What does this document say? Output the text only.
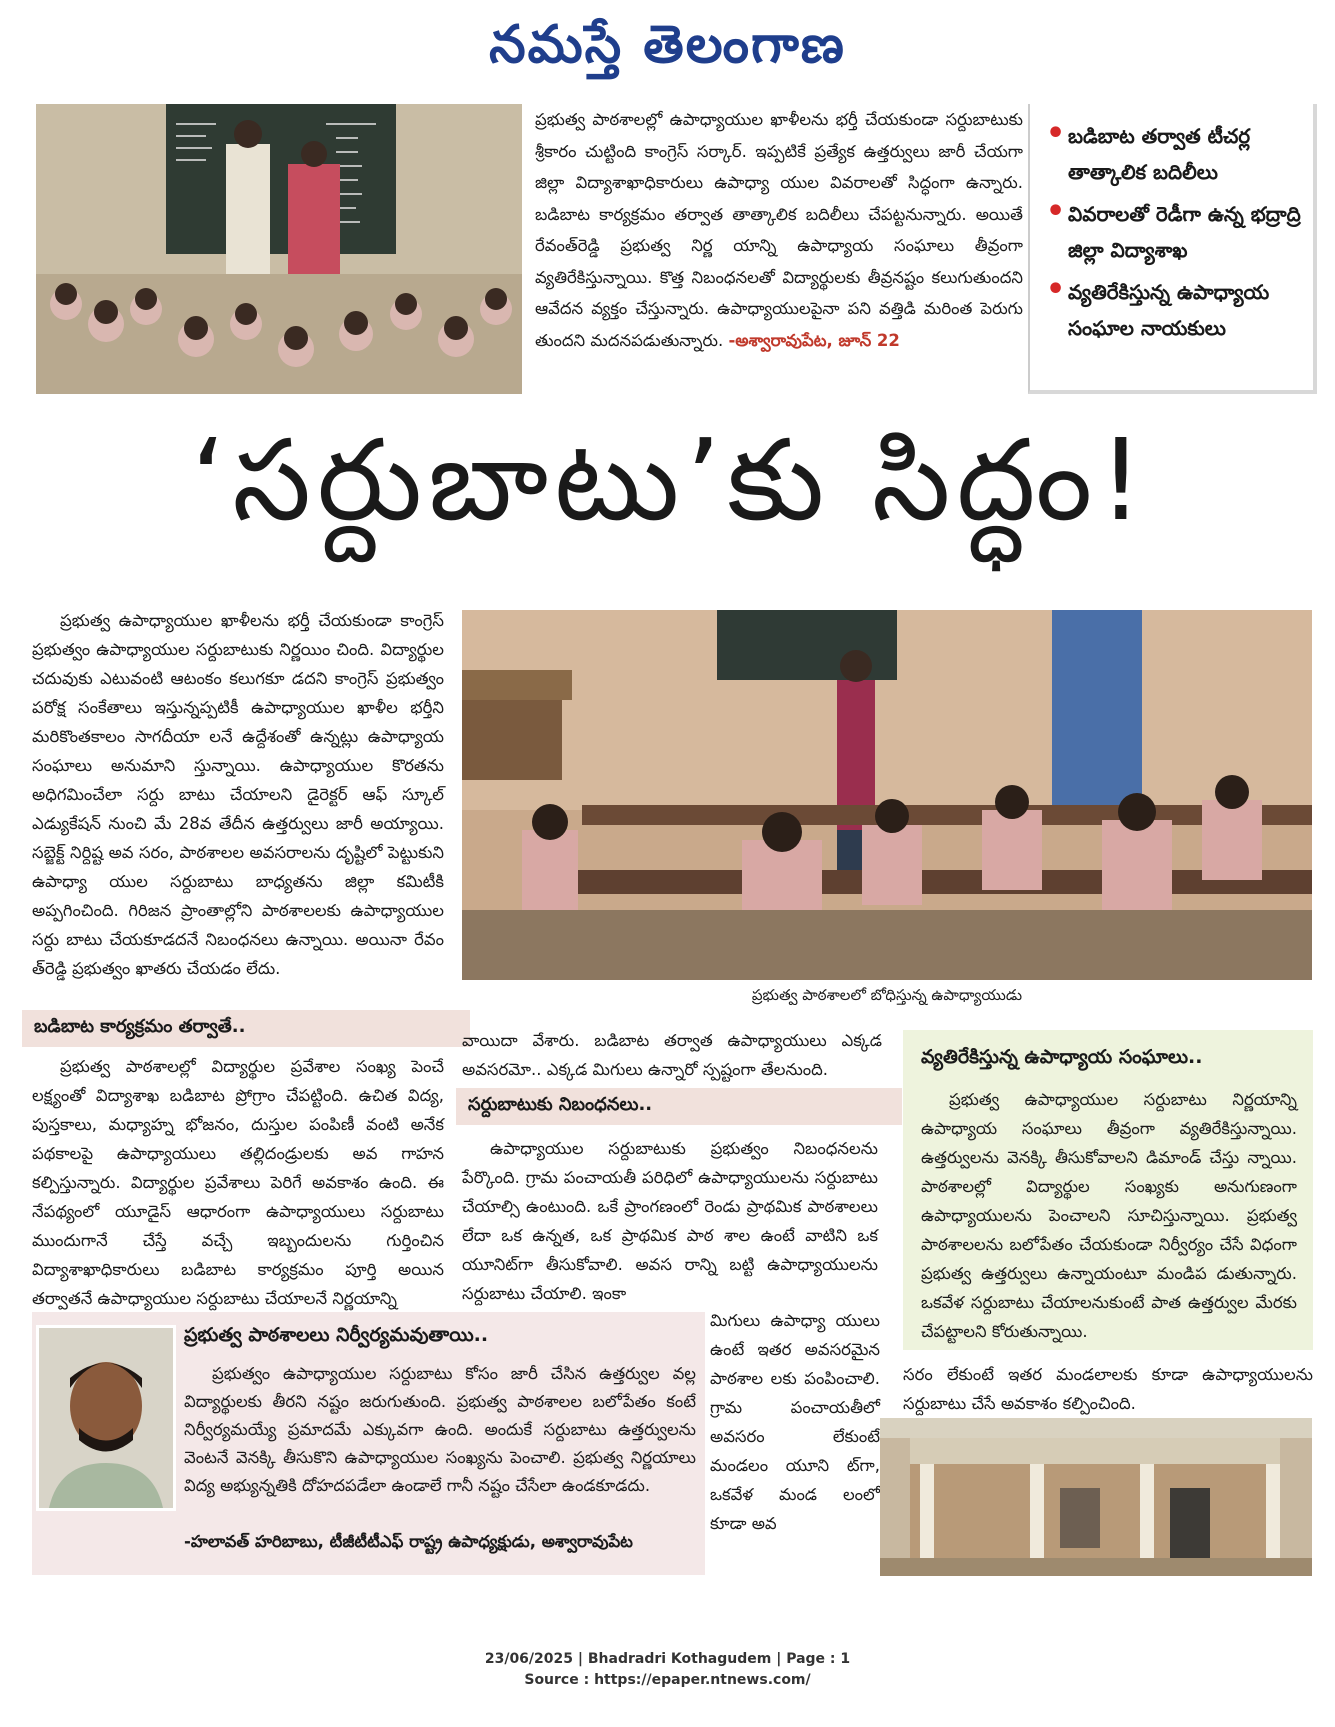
నమస్తే తెలంగాణ
ప్రభుత్వ పాఠశాలల్లో ఉపాధ్యాయుల ఖాళీలను భర్తీ చేయకుండా సర్దుబాటుకు శ్రీకారం చుట్టింది కాంగ్రెస్ సర్కార్. ఇప్పటికే ప్రత్యేక ఉత్తర్వులు జారీ చేయగా జిల్లా విద్యాశాఖాధికారులు ఉపాధ్యా యుల వివరాలతో సిద్ధంగా ఉన్నారు. బడిబాట కార్యక్రమం తర్వాత తాత్కాలిక బదిలీలు చేపట్టనున్నారు. అయితే రేవంత్‌రెడ్డి ప్రభుత్వ నిర్ణ యాన్ని ఉపాధ్యాయ సంఘాలు తీవ్రంగా వ్యతిరేకిస్తున్నాయి. కొత్త నిబంధనలతో విద్యార్థులకు తీవ్రనష్టం కలుగుతుందని ఆవేదన వ్యక్తం చేస్తున్నారు. ఉపాధ్యాయులపైనా పని వత్తిడి మరింత పెరుగు తుందని మదనపడుతున్నారు. -అశ్వారావుపేట, జూన్ 22
• బడిబాట తర్వాత టీచర్ల తాత్కాలిక బదిలీలు
• వివరాలతో రెడీగా ఉన్న భద్రాద్రి జిల్లా విద్యాశాఖ
• వ్యతిరేకిస్తున్న ఉపాధ్యాయ సంఘాల నాయకులు
‘సర్దుబాటు’కు సిద్ధం!

ప్రభుత్వ ఉపాధ్యాయుల ఖాళీలను భర్తీ చేయకుండా కాంగ్రెస్ ప్రభుత్వం ఉపాధ్యాయుల సర్దుబాటుకు నిర్ణయిం చింది. విద్యార్థుల చదువుకు ఎటువంటి ఆటంకం కలుగకూ డదని కాంగ్రెస్ ప్రభుత్వం పరోక్ష సంకేతాలు ఇస్తున్నప్పటికీ ఉపాధ్యాయుల ఖాళీల భర్తీని మరికొంతకాలం సాగదీయా లనే ఉద్దేశంతో ఉన్నట్లు ఉపాధ్యాయ సంఘాలు అనుమాని స్తున్నాయి. ఉపాధ్యాయుల కొరతను అధిగమించేలా సర్దు బాటు చేయాలని డైరెక్టర్ ఆఫ్ స్కూల్ ఎడ్యుకేషన్ నుంచి మే 28వ తేదీన ఉత్తర్వులు జారీ అయ్యాయి. సబ్జెక్ట్ నిర్దిష్ట అవ సరం, పాఠశాలల అవసరాలను దృష్టిలో పెట్టుకుని ఉపాధ్యా యుల సర్దుబాటు బాధ్యతను జిల్లా కమిటీకి అప్పగించింది. గిరిజన ప్రాంతాల్లోని పాఠశాలలకు ఉపాధ్యాయుల సర్దు బాటు చేయకూడదనే నిబంధనలు ఉన్నాయి. అయినా రేవం త్‌రెడ్డి ప్రభుత్వం ఖాతరు చేయడం లేదు.

బడిబాట కార్యక్రమం తర్వాతే..

ప్రభుత్వ పాఠశాలల్లో విద్యార్థుల ప్రవేశాల సంఖ్య పెంచే లక్ష్యంతో విద్యాశాఖ బడిబాట ప్రోగ్రాం చేపట్టింది. ఉచిత విద్య, పుస్తకాలు, మధ్యాహ్న భోజనం, దుస్తుల పంపిణీ వంటి అనేక పథకాలపై ఉపాధ్యాయులు తల్లిదండ్రులకు అవ గాహన కల్పిస్తున్నారు. విద్యార్థుల ప్రవేశాలు పెరిగే అవకాశం ఉంది. ఈ నేపథ్యంలో యూడైస్ ఆధారంగా ఉపాధ్యాయులు సర్దుబాటు ముందుగానే చేస్తే వచ్చే ఇబ్బందులను గుర్తించిన విద్యాశాఖాధికారులు బడిబాట కార్యక్రమం పూర్తి అయిన తర్వాతనే ఉపాధ్యాయుల సర్దుబాటు చేయాలనే నిర్ణయాన్ని

ప్రభుత్వ పాఠశాలలో బోధిస్తున్న ఉపాధ్యాయుడు

వాయిదా వేశారు. బడిబాట తర్వాత ఉపాధ్యాయులు ఎక్కడ అవసరమో.. ఎక్కడ మిగులు ఉన్నారో స్పష్టంగా తేలనుంది.

సర్దుబాటుకు నిబంధనలు..

ఉపాధ్యాయుల సర్దుబాటుకు ప్రభుత్వం నిబంధనలను పేర్కొంది. గ్రామ పంచాయతీ పరిధిలో ఉపాధ్యాయులను సర్దుబాటు చేయాల్సి ఉంటుంది. ఒకే ప్రాంగణంలో రెండు ప్రాథమిక పాఠశాలలు లేదా ఒక ఉన్నత, ఒక ప్రాథమిక పాఠ శాల ఉంటే వాటిని ఒక యూనిట్‌గా తీసుకోవాలి. అవస రాన్ని బట్టి ఉపాధ్యాయులను సర్దుబాటు చేయాలి. ఇంకా

మిగులు ఉపాధ్యా యులు ఉంటే ఇతర అవసరమైన పాఠశాల లకు పంపించాలి. గ్రామ పంచాయతీలో అవసరం లేకుంటే మండలం యూని ట్‌గా, ఒకవేళ మండ లంలో కూడా అవ

వ్యతిరేకిస్తున్న ఉపాధ్యాయ సంఘాలు..

ప్రభుత్వ ఉపాధ్యాయుల సర్దుబాటు నిర్ణయాన్ని ఉపాధ్యాయ సంఘాలు తీవ్రంగా వ్యతిరేకిస్తున్నాయి. ఉత్తర్వులను వెనక్కి తీసుకోవాలని డిమాండ్ చేస్తు న్నాయి. పాఠశాలల్లో విద్యార్థుల సంఖ్యకు అనుగుణంగా ఉపాధ్యాయులను పెంచాలని సూచిస్తున్నాయి. ప్రభుత్వ పాఠశాలలను బలోపేతం చేయకుండా నిర్వీర్యం చేసే విధంగా ప్రభుత్వ ఉత్తర్వులు ఉన్నాయంటూ మండిప డుతున్నారు. ఒకవేళ సర్దుబాటు చేయాలనుకుంటే పాత ఉత్తర్వుల మేరకు చేపట్టాలని కోరుతున్నాయి.

సరం లేకుంటే ఇతర మండలాలకు కూడా ఉపాధ్యాయులను సర్దుబాటు చేసే అవకాశం కల్పించింది.

ప్రభుత్వ పాఠశాలలు నిర్వీర్యమవుతాయి..

ప్రభుత్వం ఉపాధ్యాయుల సర్దుబాటు కోసం జారీ చేసిన ఉత్తర్వుల వల్ల విద్యార్థులకు తీరని నష్టం జరుగుతుంది. ప్రభుత్వ పాఠశాలల బలోపేతం కంటే నిర్వీర్యమయ్యే ప్రమాదమే ఎక్కువగా ఉంది. అందుకే సర్దుబాటు ఉత్తర్వులను వెంటనే వెనక్కి తీసుకొని ఉపాధ్యాయుల సంఖ్యను పెంచాలి. ప్రభుత్వ నిర్ణయాలు విద్య అభ్యున్నతికి దోహదపడేలా ఉండాలే గానీ నష్టం చేసేలా ఉండకూడదు.

-హలావత్ హరిబాబు, టీజీటీటీఎఫ్ రాష్ట్ర ఉపాధ్యక్షుడు, అశ్వారావుపేట
23/06/2025 | Bhadradri Kothagudem | Page : 1
Source : https://epaper.ntnews.com/
